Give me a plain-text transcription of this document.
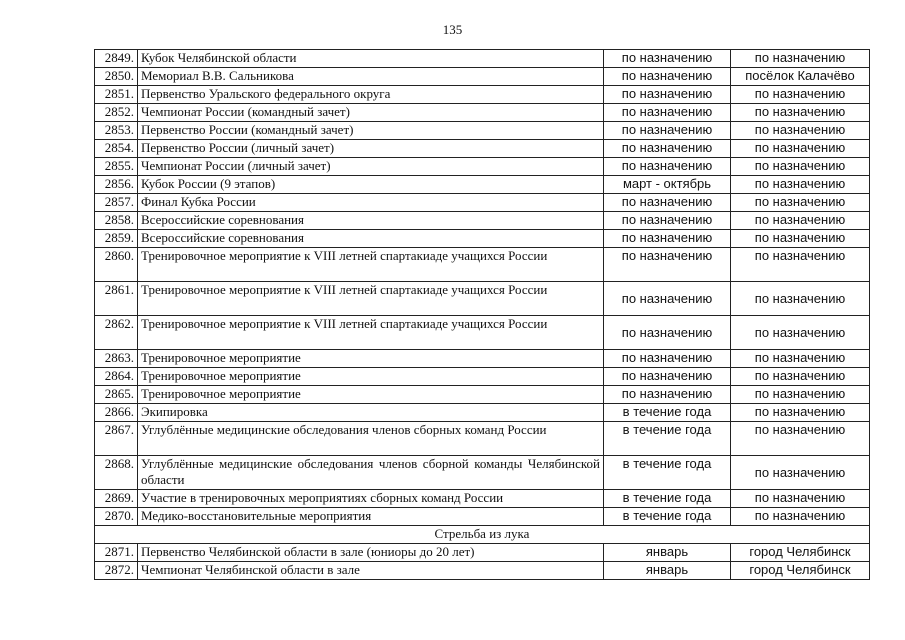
135
2849.	Кубок Челябинской области	по назначению	по назначению
2850.	Мемориал В.В. Сальникова	по назначению	посёлок Калачёво
2851.	Первенство Уральского федерального округа	по назначению	по назначению
2852.	Чемпионат России (командный зачет)	по назначению	по назначению
2853.	Первенство России (командный зачет)	по назначению	по назначению
2854.	Первенство России (личный зачет)	по назначению	по назначению
2855.	Чемпионат России (личный зачет)	по назначению	по назначению
2856.	Кубок России (9 этапов)	март - октябрь	по назначению
2857.	Финал Кубка России	по назначению	по назначению
2858.	Всероссийские соревнования	по назначению	по назначению
2859.	Всероссийские соревнования	по назначению	по назначению
2860.	Тренировочное мероприятие к VIII летней спартакиаде учащихся России	по назначению	по назначению
2861.	Тренировочное мероприятие к VIII летней спартакиаде учащихся России	по назначению	по назначению
2862.	Тренировочное мероприятие к VIII летней спартакиаде учащихся России	по назначению	по назначению
2863.	Тренировочное мероприятие	по назначению	по назначению
2864.	Тренировочное мероприятие	по назначению	по назначению
2865.	Тренировочное мероприятие	по назначению	по назначению
2866.	Экипировка	в течение года	по назначению
2867.	Углублённые медицинские обследования членов сборных команд России	в течение года	по назначению
2868.	Углублённые медицинские обследования членов сборной команды Челябинской области	в течение года	по назначению
2869.	Участие в тренировочных мероприятиях сборных команд России	в течение года	по назначению
2870.	Медико-восстановительные мероприятия	в течение года	по назначению
Стрельба из лука			
2871.	Первенство Челябинской области в зале (юниоры до 20 лет)	январь	город Челябинск
2872.	Чемпионат Челябинской области в зале	январь	город Челябинск
